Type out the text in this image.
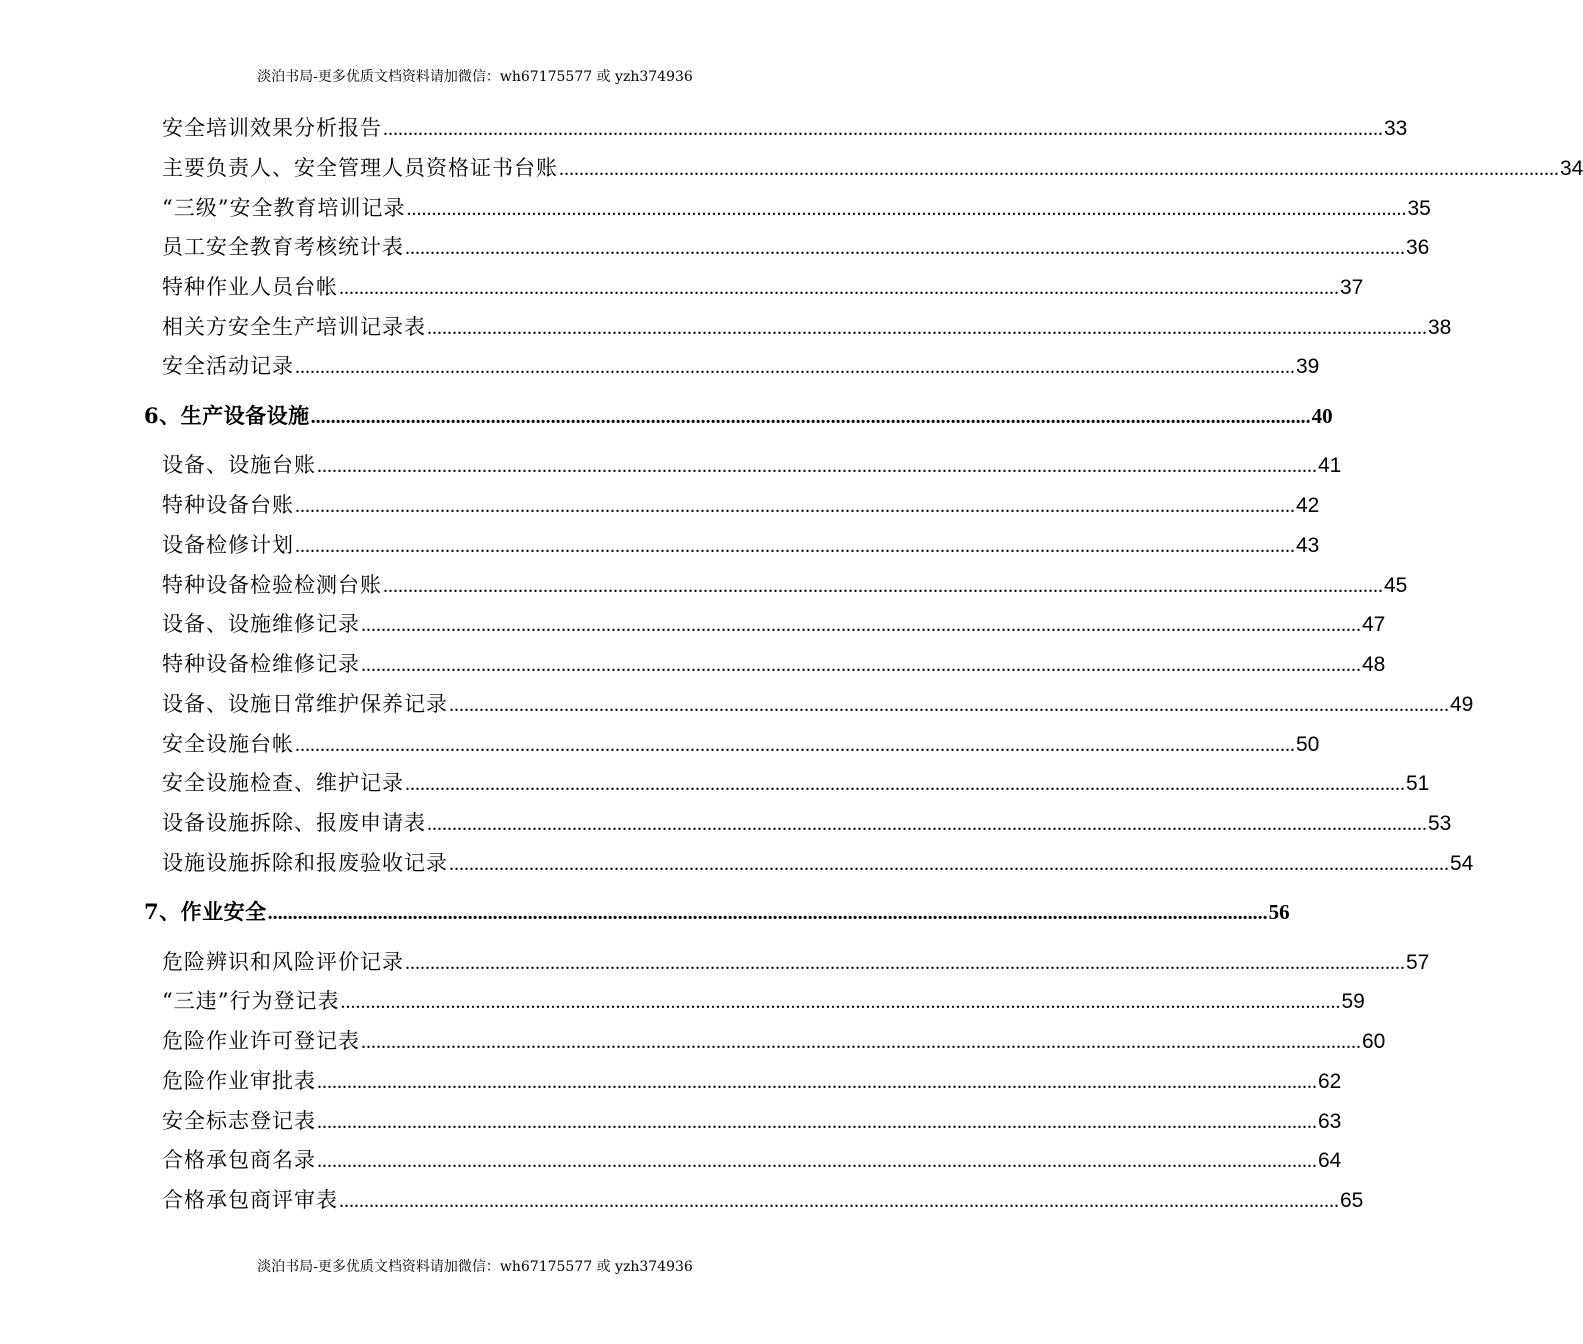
淡泊书局-更多优质文档资料请加微信：wh67175577 或 yzh374936
安全培训效果分析报告 ........................................................................................................................................................................................................ 33
主要负责人、安全管理人员资格证书台账 ........................................................................................................................................................................................................ 34
“三级”安全教育培训记录 ........................................................................................................................................................................................................ 35
员工安全教育考核统计表 ........................................................................................................................................................................................................ 36
特种作业人员台帐 ........................................................................................................................................................................................................ 37
相关方安全生产培训记录表 ........................................................................................................................................................................................................ 38
安全活动记录 ........................................................................................................................................................................................................ 39
6、生产设备设施 ........................................................................................................................................................................................................ 40
设备、设施台账 ........................................................................................................................................................................................................ 41
特种设备台账 ........................................................................................................................................................................................................ 42
设备检修计划 ........................................................................................................................................................................................................ 43
特种设备检验检测台账 ........................................................................................................................................................................................................ 45
设备、设施维修记录 ........................................................................................................................................................................................................ 47
特种设备检维修记录 ........................................................................................................................................................................................................ 48
设备、设施日常维护保养记录 ........................................................................................................................................................................................................ 49
安全设施台帐 ........................................................................................................................................................................................................ 50
安全设施检查、维护记录 ........................................................................................................................................................................................................ 51
设备设施拆除、报废申请表 ........................................................................................................................................................................................................ 53
设施设施拆除和报废验收记录 ........................................................................................................................................................................................................ 54
7、作业安全 ........................................................................................................................................................................................................ 56
危险辨识和风险评价记录 ........................................................................................................................................................................................................ 57
“三违”行为登记表 ........................................................................................................................................................................................................ 59
危险作业许可登记表 ........................................................................................................................................................................................................ 60
危险作业审批表 ........................................................................................................................................................................................................ 62
安全标志登记表 ........................................................................................................................................................................................................ 63
合格承包商名录 ........................................................................................................................................................................................................ 64
合格承包商评审表 ........................................................................................................................................................................................................ 65
淡泊书局-更多优质文档资料请加微信：wh67175577 或 yzh374936
